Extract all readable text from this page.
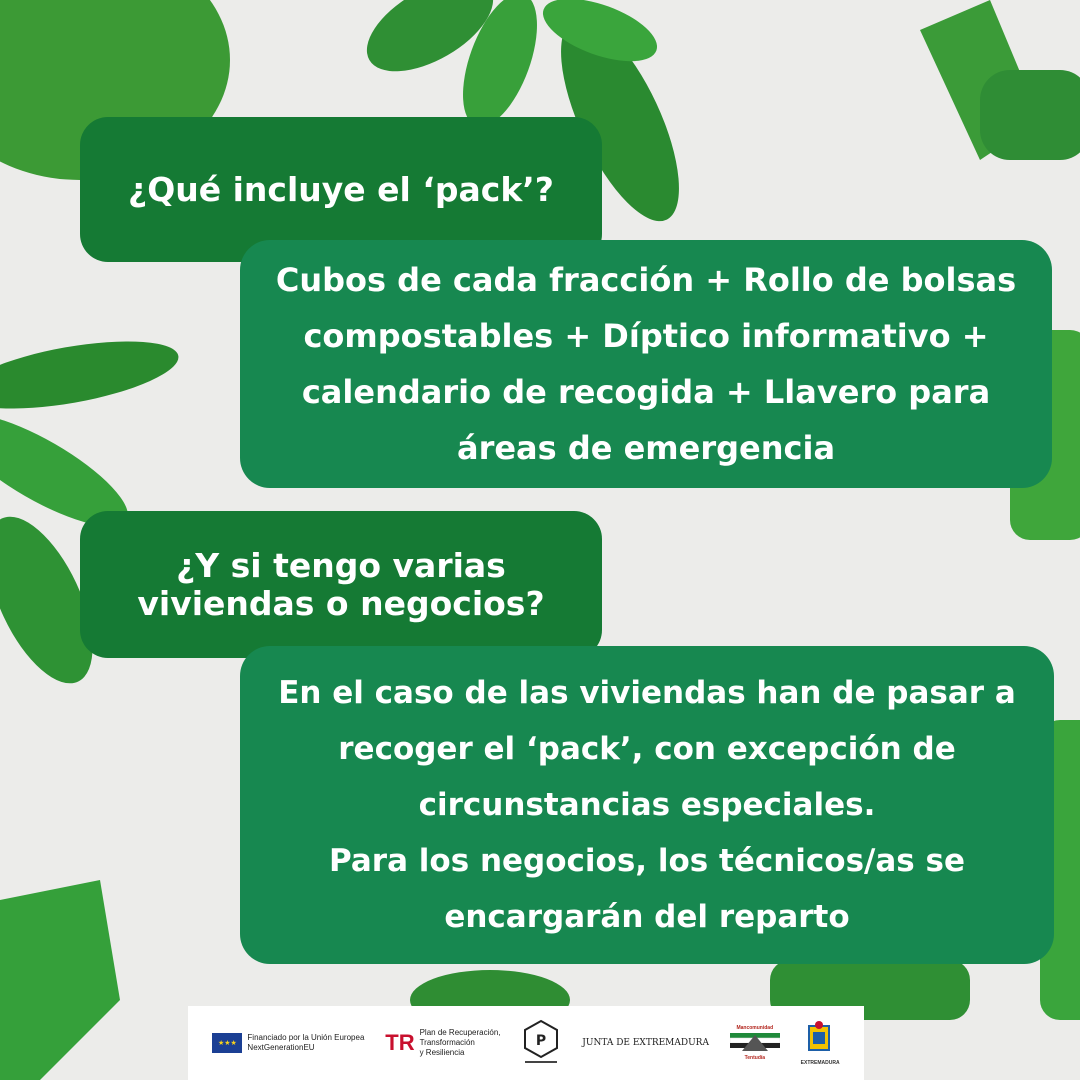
¿Qué incluye el ‘pack’?
Cubos de cada fracción + Rollo de bolsas
compostables + Díptico informativo +
calendario de recogida + Llavero para
áreas de emergencia
¿Y si tengo varias
viviendas o negocios?
En el caso de las viviendas han de pasar a
recoger el ‘pack’, con excepción de
circunstancias especiales.
Para los negocios, los técnicos/as se
encargarán del reparto
★★★
Financiado por la Unión Europea
NextGenerationEU	TR Plan de Recuperación,
Transformación
y Resiliencia
P	JUNTA DE EXTREMADURA
Mancomunidad
Tentudía
EXTREMADURA
